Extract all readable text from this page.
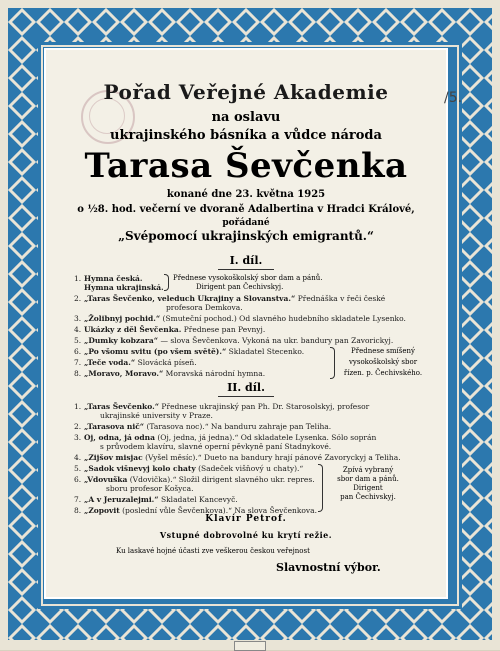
/5.
Pořad Veřejné Akademie
na oslavu
ukrajinského básníka a vůdce národa
Tarasa Ševčenka
konané dne 23. května 1925
o ½8. hod. večerní ve dvoraně Adalbertina v Hradci Králové,
pořádané
„Svépomocí ukrajinských emigrantů.“
I. díl.
1. Hymna česká.
Hymna ukrajinská.
Přednese vysokoškolský sbor dam a pánů.
Dirigent pan Čechivskyj.
2. „Taras Ševčenko, veleduch Ukrajiny a Slovanstva.“ Přednáška v řeči české
profesora Demkova.
3. „Žolibnyj pochid.“ (Smuteční pochod.) Od slavného hudebního skladatele Lysenko.
4. Ukázky z děl Ševčenka. Přednese pan Pevnyj.
5. „Dumky kobzara“ — slova Ševčenkova. Vykoná na ukr. bandury pan Zavorickyj.
6. „Po všomu svitu (po všem světě).“ Skladatel Stecenko.
7. „Teče voda.“ Slovácká píseň.
8. „Moravo, Moravo.“ Moravská národní hymna.
Přednese smíšený
vysokoškolský sbor
řízen. p. Čechivského.
II. díl.
1. „Taras Ševčenko.“ Přednese ukrajinský pan Ph. Dr. Starosolskyj, profesor
ukrajinské university v Praze.
2. „Tarasova nič“ (Tarasova noc).“ Na banduru zahraje pan Teliha.
3. Oj, odna, já odna (Oj, jedna, já jedna).“ Od skladatele Lysenka. Sólo soprán
s průvodem klavíru, slavné operní pěvkyně paní Stadnykové.
4. „Zijšov misjac (Vyšel měsíc).“ Dueto na bandury hrají pánové Zavoryckyj a Teliha.
5. „Sadok višnevyj kolo chaty (Sadeček višňový u chaty).“
6. „Vdovuška (Vdovička).“ Složil dirigent slavného ukr. repres.
sboru profesor Košyca.
7. „A v Jeruzalejmi.“ Skladatel Kancevyč.
8. „Zopovit (poslední vůle Ševčenkova).“ Na slova Ševčenkova.
Zpívá vybraný
sbor dam a pánů.
Dirigent
pan Čechivskyj.
Klavír Petrof.
Vstupné dobrovolné ku krytí režie.
Ku laskavé hojné účasti zve veškerou českou veřejnost
Slavnostní výbor.
